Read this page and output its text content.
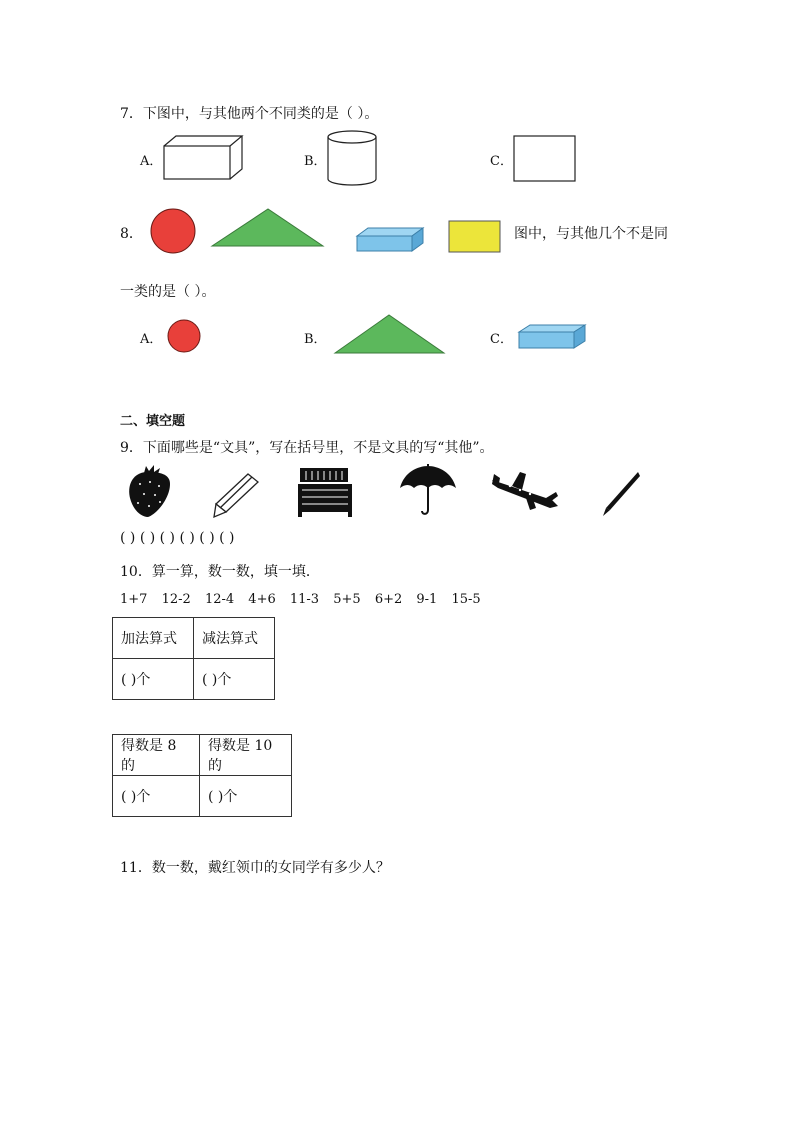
7．下图中，与其他两个不同类的是（ ）。
A．	B．	C．
8．	图中，与其他几个不是同
一类的是（ ）。
A．	B．	C．
二、填空题
9．下面哪些是“文具”，写在括号里，不是文具的写“其他”。
( ) ( ) ( ) ( ) ( ) ( )
10．算一算，数一数，填一填．
1+7 12-2 12-4 4+6 11-3 5+5 6+2 9-1 15-5
加法算式	减法算式
( )个	( )个
得数是 8 的	得数是 10 的
( )个	( )个
11．数一数，戴红领巾的女同学有多少人？
